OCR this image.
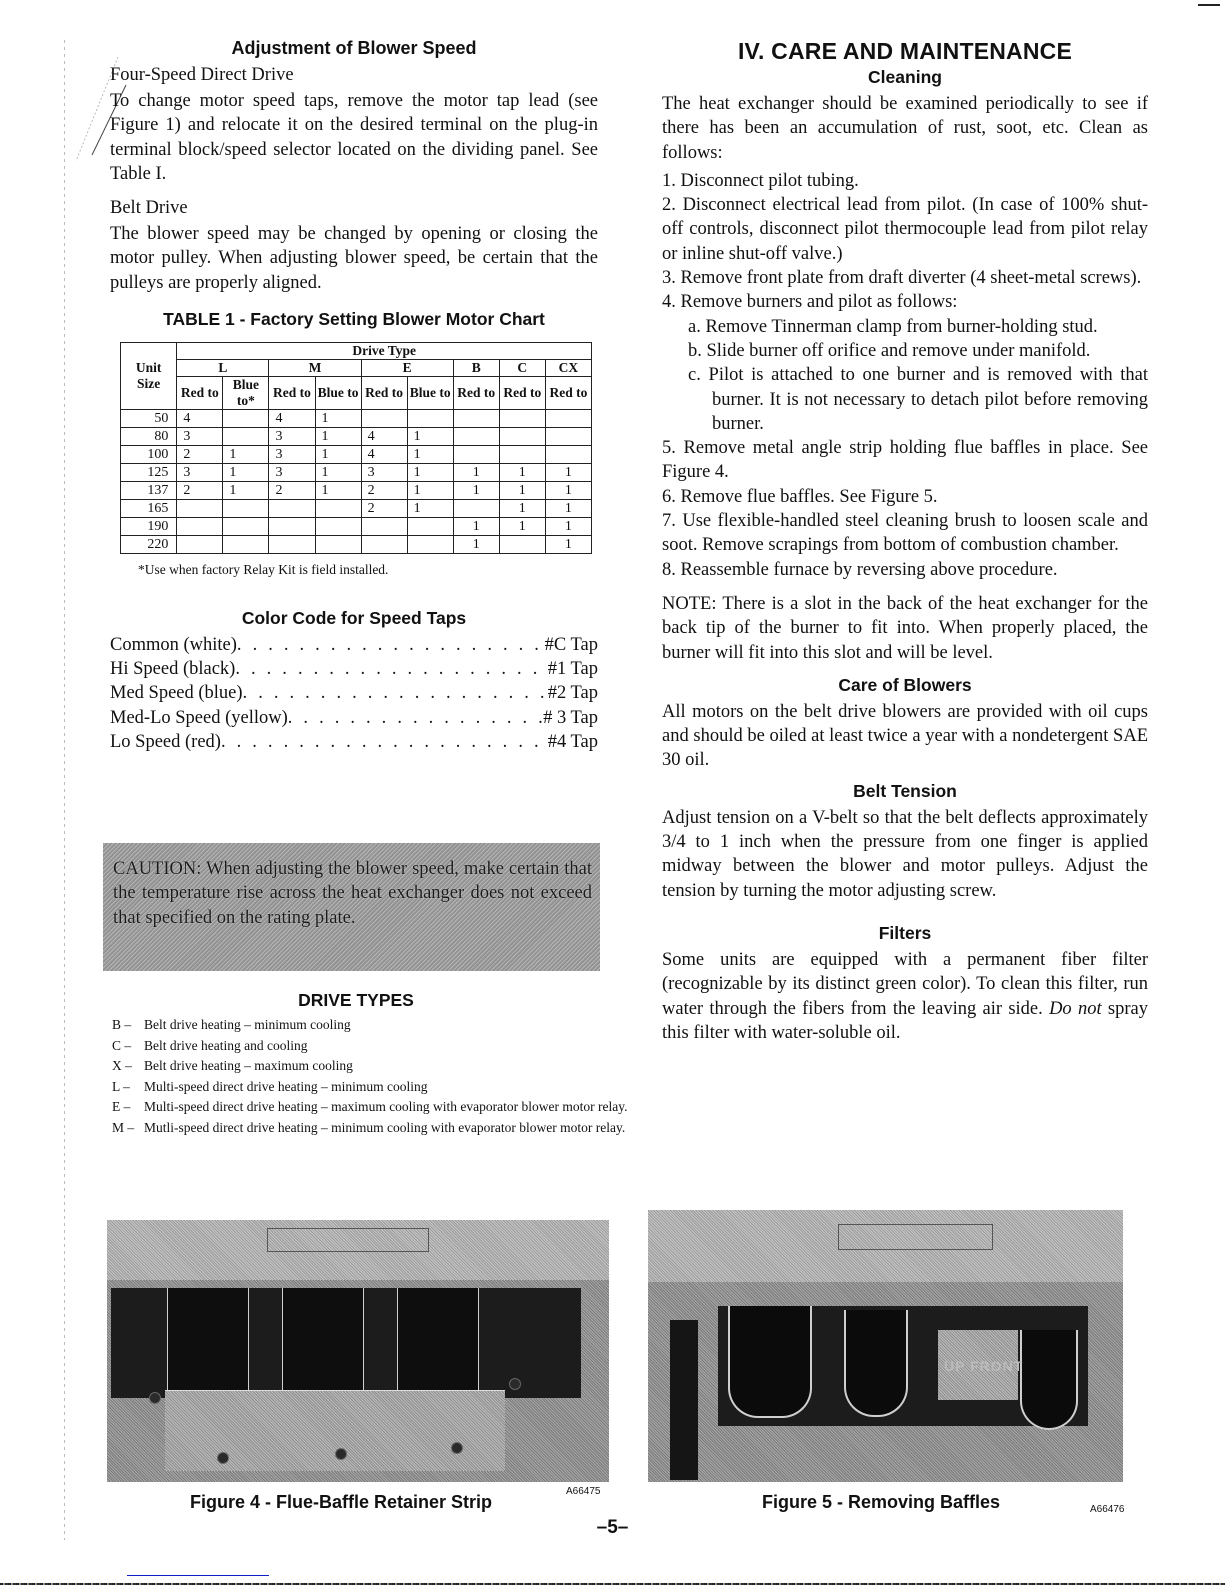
Adjustment of Blower Speed
Four-Speed Direct Drive

To change motor speed taps, remove the motor tap lead (see Figure 1) and relocate it on the desired terminal on the plug-in terminal block/speed selector located on the dividing panel. See Table I.

Belt Drive

The blower speed may be changed by opening or closing the motor pulley. When adjusting blower speed, be certain that the pulleys are properly aligned.

TABLE 1 - Factory Setting Blower Motor Chart
Unit Size	Drive Type								
	L		M		E		B	C	CX
	Red to	Blue to*	Red to	Blue to	Red to	Blue to	Red to	Red to	Red to
50	4		4	1					
80	3		3	1	4	1			
100	2	1	3	1	4	1			
125	3	1	3	1	3	1	1	1	1
137	2	1	2	1	2	1	1	1	1
165					2	1		1	1
190							1	1	1
220							1		1
*Use when factory Relay Kit is field installed.
Color Code for Speed Taps
Common (white) . . .	#C Tap
Hi Speed (black) . . .	#1 Tap
Med Speed (blue) . . .	#2 Tap
Med-Lo Speed (yellow) . . .	# 3 Tap
Lo Speed (red) . . .	#4 Tap
CAUTION: When adjusting the blower speed, make certain that the temperature rise across the heat exchanger does not exceed that specified on the rating plate.
DRIVE TYPES
B – Belt drive heating – minimum cooling
C – Belt drive heating and cooling
X – Belt drive heating – maximum cooling
L –	Multi-speed direct drive heating – minimum cooling
E –	Multi-speed direct drive heating – maximum cooling with evaporator blower motor relay.
M – Mutli-speed direct drive heating – minimum cooling with evaporator blower motor relay.
IV. CARE AND MAINTENANCE
Cleaning

The heat exchanger should be examined periodically to see if there has been an accumulation of rust, soot, etc. Clean as follows:

1. Disconnect pilot tubing.
2. Disconnect electrical lead from pilot. (In case of 100% shut-off controls, disconnect pilot thermocouple lead from pilot relay or inline shut-off valve.)
3. Remove front plate from draft diverter (4 sheet-metal screws).
4. Remove burners and pilot as follows:
a. Remove Tinnerman clamp from burner-holding stud.
b. Slide burner off orifice and remove under manifold.
c. Pilot is attached to one burner and is removed with that burner. It is not necessary to detach pilot before removing burner.
5. Remove metal angle strip holding flue baffles in place. See Figure 4.
6. Remove flue baffles. See Figure 5.
7. Use flexible-handled steel cleaning brush to loosen scale and soot. Remove scrapings from bottom of combustion chamber.
8. Reassemble furnace by reversing above procedure.

NOTE: There is a slot in the back of the heat exchanger for the back tip of the burner to fit into. When properly placed, the burner will fit into this slot and will be level.

Care of Blowers

All motors on the belt drive blowers are provided with oil cups and should be oiled at least twice a year with a nondetergent SAE 30 oil.

Belt Tension

Adjust tension on a V-belt so that the belt deflects approximately 3/4 to 1 inch when the pressure from one finger is applied midway between the blower and motor pulleys. Adjust the tension by turning the motor adjusting screw.

Filters

Some units are equipped with a permanent fiber filter (recognizable by its distinct green color). To clean this filter, run water through the fibers from the leaving air side. Do not spray this filter with water-soluble oil.

Figure 4 - Flue-Baffle Retainer Strip
A66475
UP FRONT
Figure 5 - Removing Baffles	A66476
–5–
